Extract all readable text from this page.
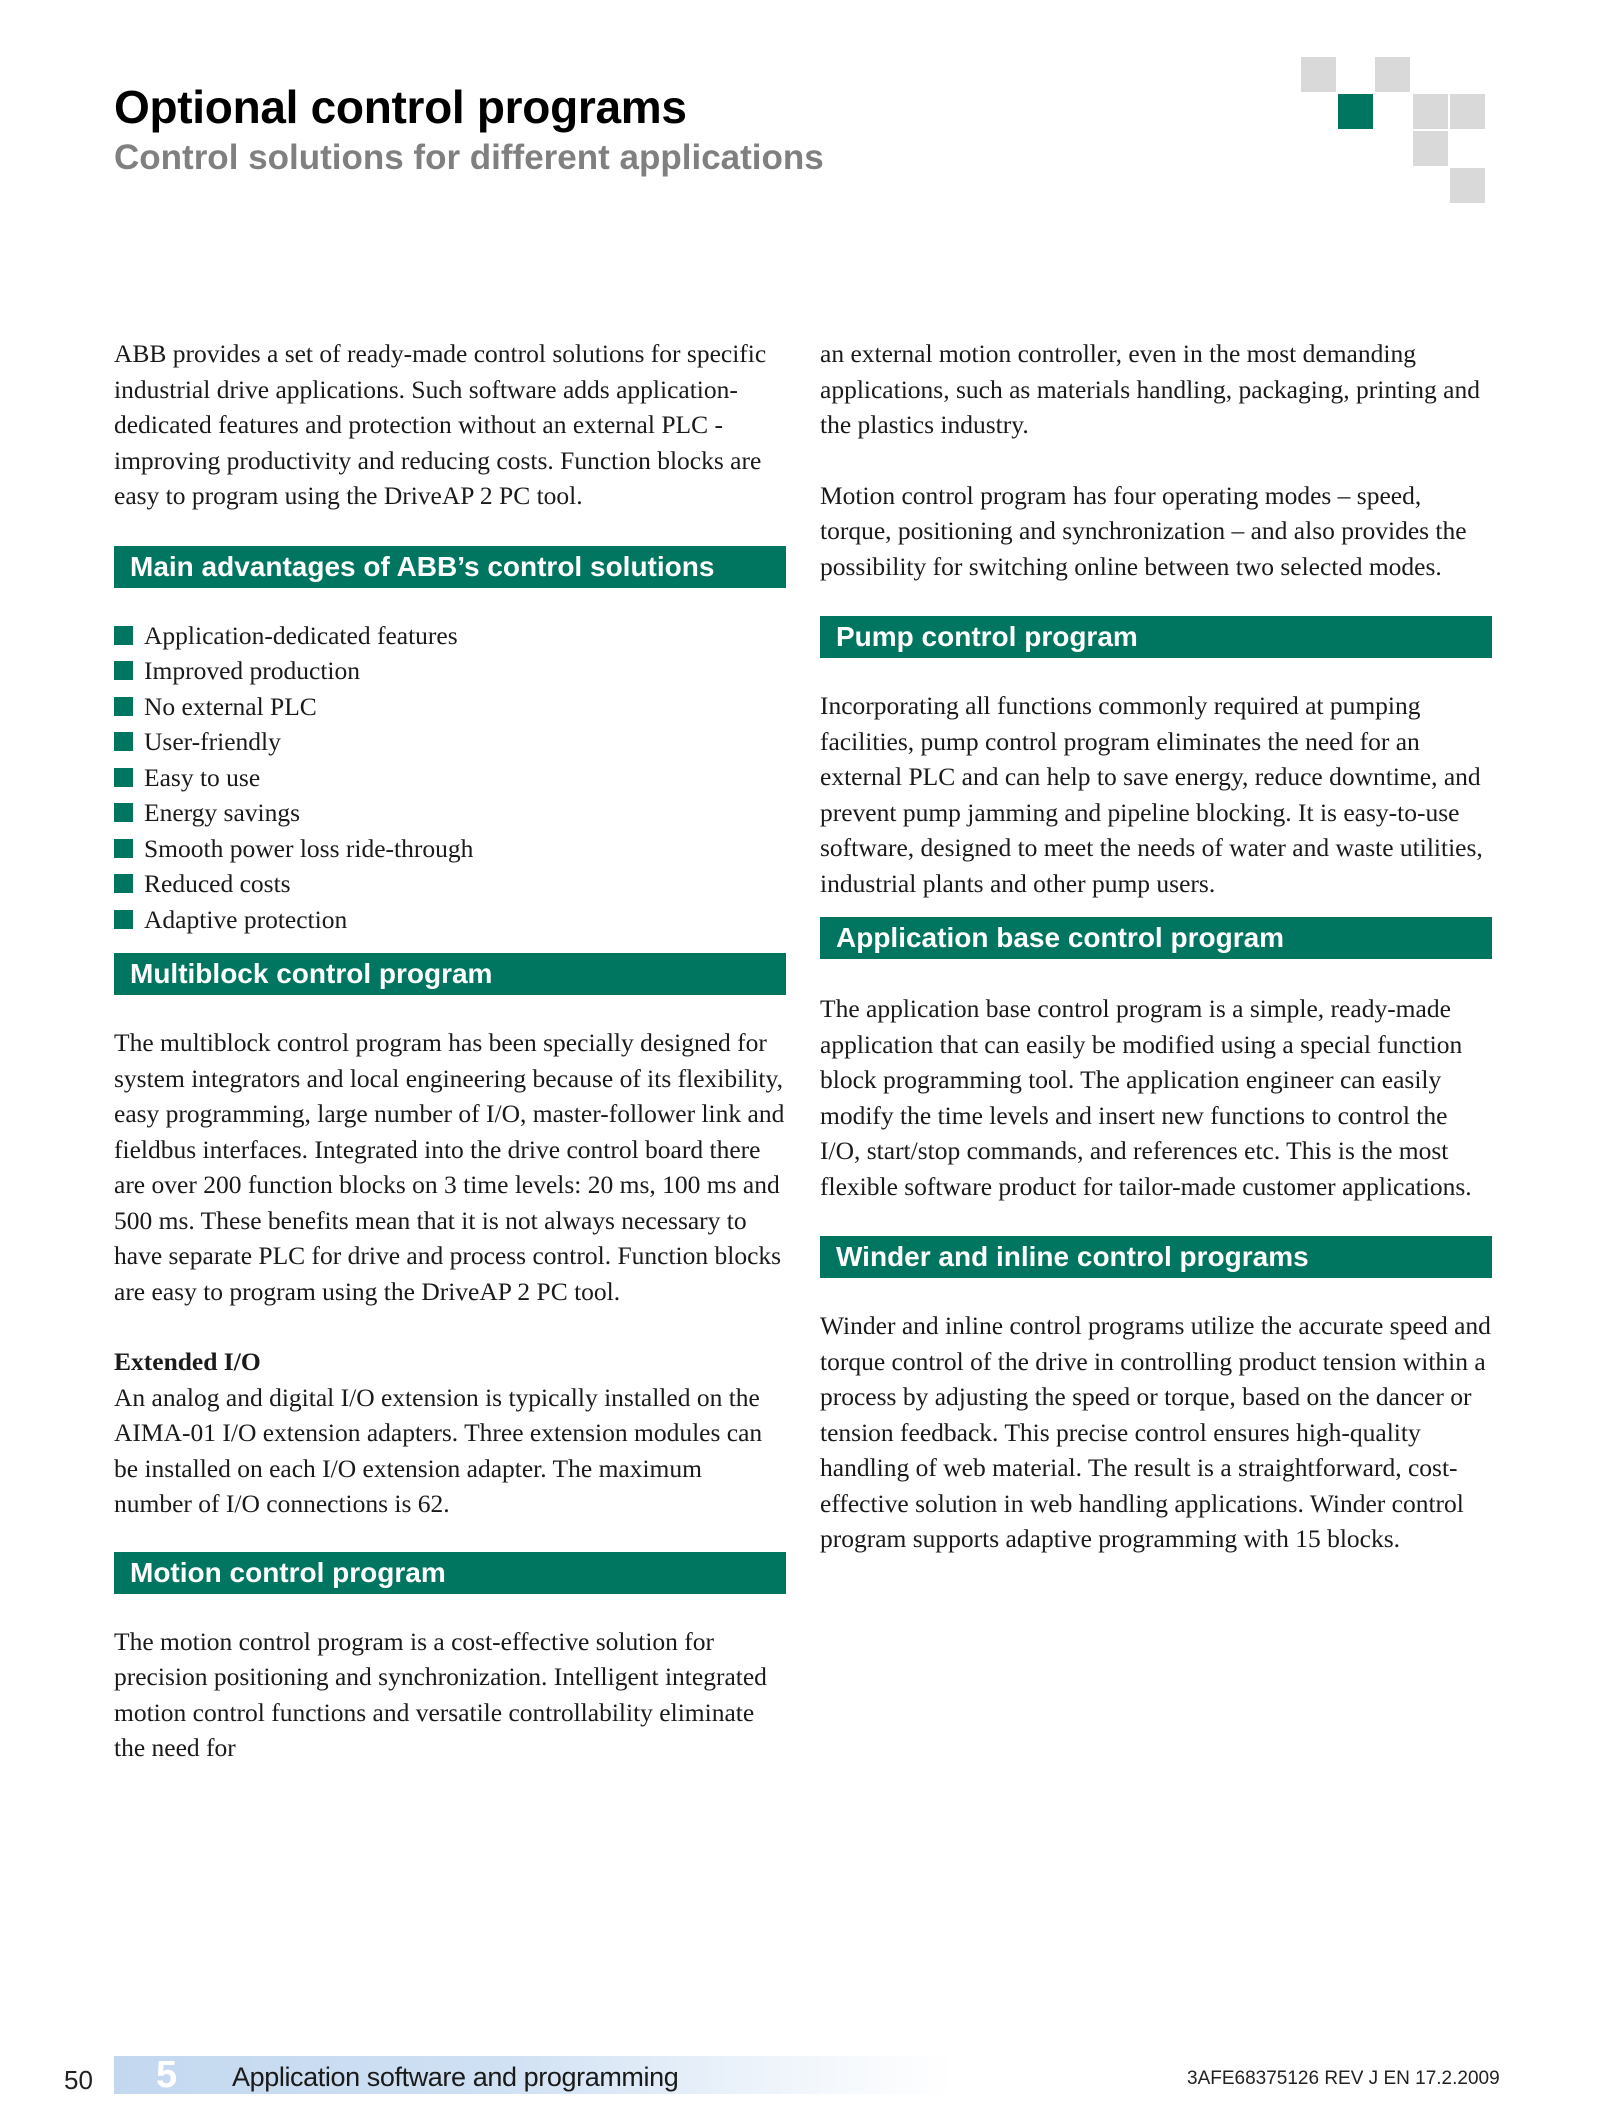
Optional control programs
Control solutions for different applications

ABB provides a set of ready-made control solutions for specific industrial drive applications. Such software adds application-dedicated features and protection without an external PLC - improving productivity and reducing costs. Function blocks are easy to program using the DriveAP 2 PC tool.

Main advantages of ABB’s control solutions
Application-dedicated features
Improved production
No external PLC
User-friendly
Easy to use
Energy savings
Smooth power loss ride-through
Reduced costs
Adaptive protection
Multiblock control program

The multiblock control program has been specially designed for system integrators and local engineering because of its flexibility, easy programming, large number of I/O, master-follower link and fieldbus interfaces. Integrated into the drive control board there are over 200 function blocks on 3 time levels: 20 ms, 100 ms and 500 ms. These benefits mean that it is not always necessary to have separate PLC for drive and process control. Function blocks are easy to program using the DriveAP 2 PC tool.

Extended I/O

An analog and digital I/O extension is typically installed on the AIMA-01 I/O extension adapters. Three extension modules can be installed on each I/O extension adapter. The maximum number of I/O connections is 62.

Motion control program

The motion control program is a cost-effective solution for precision positioning and synchronization. Intelligent integrated motion control functions and versatile controllability eliminate the need for

an external motion controller, even in the most demanding applications, such as materials handling, packaging, printing and the plastics industry.

Motion control program has four operating modes – speed, torque, positioning and synchronization – and also provides the possibility for switching online between two selected modes.

Pump control program

Incorporating all functions commonly required at pumping facilities, pump control program eliminates the need for an external PLC and can help to save energy, reduce downtime, and prevent pump jamming and pipeline blocking. It is easy-to-use software, designed to meet the needs of water and waste utilities, industrial plants and other pump users.

Application base control program

The application base control program is a simple, ready-made application that can easily be modified using a special function block programming tool. The application engineer can easily modify the time levels and insert new functions to control the I/O, start/stop commands, and references etc. This is the most flexible software product for tailor-made customer applications.

Winder and inline control programs

Winder and inline control programs utilize the accurate speed and torque control of the drive in controlling product tension within a process by adjusting the speed or torque, based on the dancer or tension feedback. This precise control ensures high-quality handling of web material. The result is a straightforward, cost-effective solution in web handling applications. Winder control program supports adaptive programming with 15 blocks.

50 5 Application software and programming	3AFE68375126 REV J EN 17.2.2009
